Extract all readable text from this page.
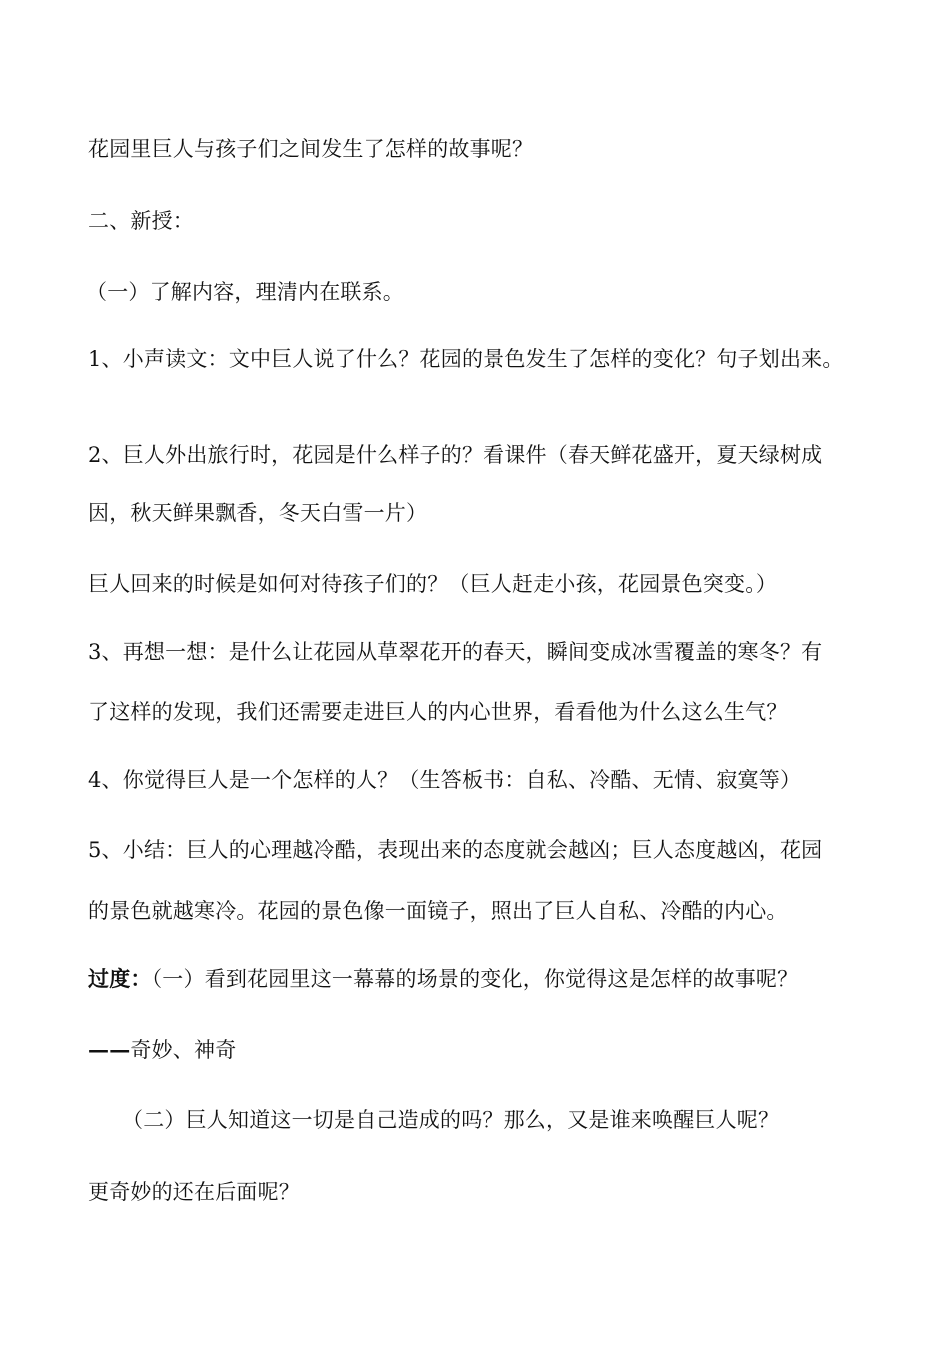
花园里巨人与孩子们之间发生了怎样的故事呢？

二、新授：

（一）了解内容，理清内在联系。

1、小声读文：文中巨人说了什么？花园的景色发生了怎样的变化？句子划出来。

2、巨人外出旅行时，花园是什么样子的？看课件（春天鲜花盛开，夏天绿树成

因，秋天鲜果飘香，冬天白雪一片）

巨人回来的时候是如何对待孩子们的？（巨人赶走小孩，花园景色突变。）

3、再想一想：是什么让花园从草翠花开的春天，瞬间变成冰雪覆盖的寒冬？有

了这样的发现，我们还需要走进巨人的内心世界，看看他为什么这么生气？

4、你觉得巨人是一个怎样的人？（生答板书：自私、冷酷、无情、寂寞等）

5、小结：巨人的心理越冷酷，表现出来的态度就会越凶；巨人态度越凶，花园

的景色就越寒冷。花园的景色像一面镜子，照出了巨人自私、冷酷的内心。

过度：（一）看到花园里这一幕幕的场景的变化，你觉得这是怎样的故事呢？

——奇妙、神奇

（二）巨人知道这一切是自己造成的吗？那么，又是谁来唤醒巨人呢？

更奇妙的还在后面呢？
